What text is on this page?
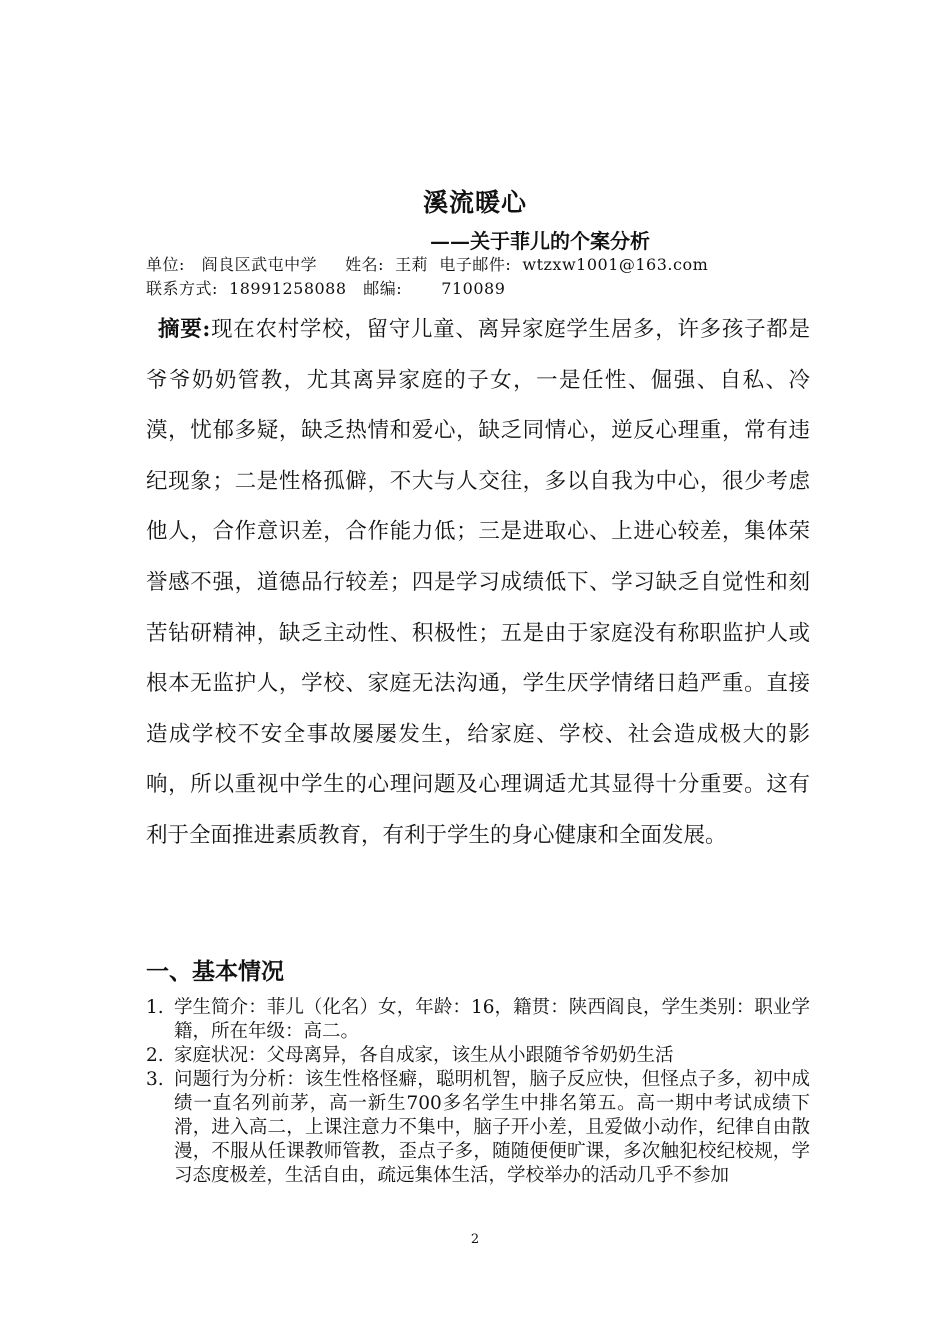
溪流暖心
——关于菲儿的个案分析
单位:   阎良区武屯中学     姓名:  王莉  电子邮件:  wtzxw1001@163.com
联系方式:  18991258088   邮编:       710089
摘要:现在农村学校，留守儿童、离异家庭学生居多，许多孩子都是爷爷奶奶管教，尤其离异家庭的子女，一是任性、倔强、自私、冷漠，忧郁多疑，缺乏热情和爱心，缺乏同情心，逆反心理重，常有违纪现象；二是性格孤僻，不大与人交往，多以自我为中心，很少考虑他人，合作意识差，合作能力低；三是进取心、上进心较差，集体荣誉感不强，道德品行较差；四是学习成绩低下、学习缺乏自觉性和刻苦钻研精神，缺乏主动性、积极性；五是由于家庭没有称职监护人或根本无监护人，学校、家庭无法沟通，学生厌学情绪日趋严重。直接造成学校不安全事故屡屡发生，给家庭、学校、社会造成极大的影响，所以重视中学生的心理问题及心理调适尤其显得十分重要。这有利于全面推进素质教育，有利于学生的身心健康和全面发展。
一、基本情况
1. 学生简介：菲儿（化名）女，年龄：16，籍贯：陕西阎良，学生类别：职业学籍，所在年级：高二。
2. 家庭状况：父母离异，各自成家，该生从小跟随爷爷奶奶生活
3. 问题行为分析：该生性格怪癖，聪明机智，脑子反应快，但怪点子多，初中成绩一直名列前茅，高一新生700多名学生中排名第五。高一期中考试成绩下滑，进入高二，上课注意力不集中，脑子开小差，且爱做小动作，纪律自由散漫，不服从任课教师管教，歪点子多，随随便便旷课，多次触犯校纪校规，学习态度极差，生活自由，疏远集体生活，学校举办的活动几乎不参加
2
